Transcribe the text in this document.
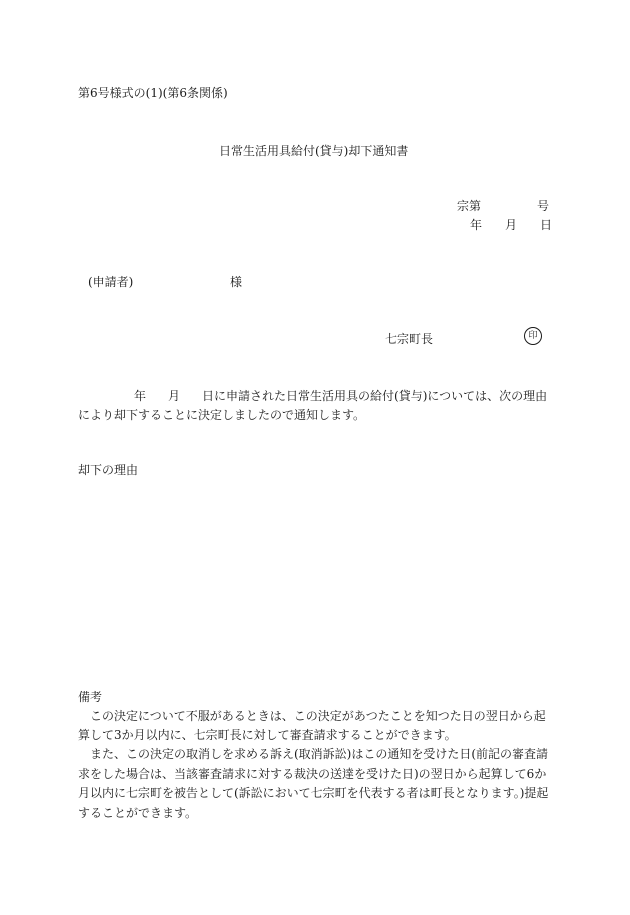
第6号様式の(1)(第6条関係)
日常生活用具給付(貸与)却下通知書
宗第	号
年 月 日
(申請者)	様
七宗町長	印
年 月 日に申請された日常生活用具の給付(貸与)については、次の理由により却下することに決定しましたので通知します。
却下の理由
備考
この決定について不服があるときは、この決定があつたことを知つた日の翌日から起算して3か月以内に、七宗町長に対して審査請求することができます。
また、この決定の取消しを求める訴え(取消訴訟)はこの通知を受けた日(前記の審査請求をした場合は、当該審査請求に対する裁決の送達を受けた日)の翌日から起算して6か月以内に七宗町を被告として(訴訟において七宗町を代表する者は町長となります。)提起することができます。
